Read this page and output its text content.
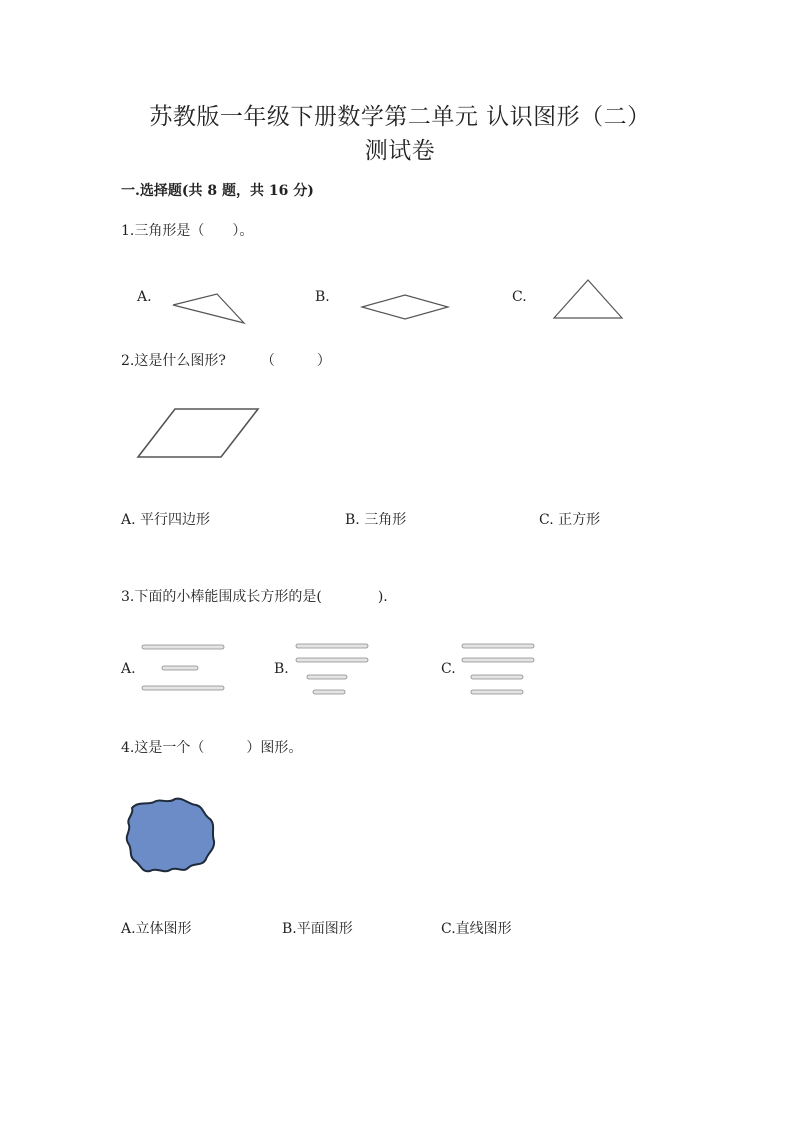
苏教版一年级下册数学第二单元 认识图形（二）
测试卷
一.选择题(共 8 题，共 16 分)
1.三角形是（　　）。
A.	B.	C.
2.这是什么图形?　　　（　　　）
A. 平行四边形	B. 三角形	C. 正方形
3.下面的小棒能围成长方形的是(　　　　).
A.	B.	C.
4.这是一个（　　　）图形。
A.立体图形	B.平面图形	C.直线图形
